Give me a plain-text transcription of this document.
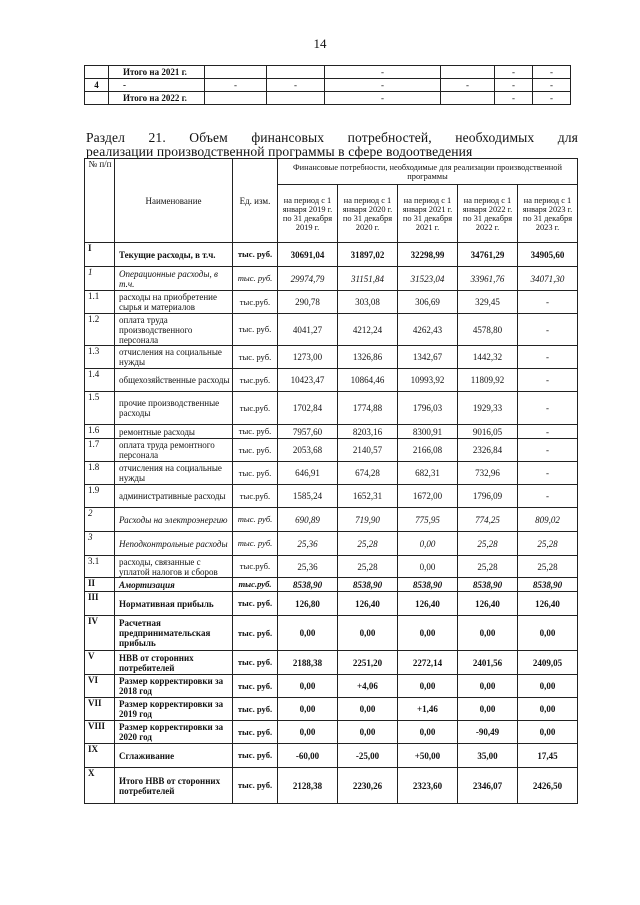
14
	Итого на 2021 г.			-		-	-
4	-	-	-	-	-	-	-
	Итого на 2022 г.			-		-	-
Раздел 21. Объем финансовых потребностей, необходимых для
реализации производственной программы в сфере водоотведения
№ п/п	Наименование	Ед. изм.	Финансовые потребности, необходимые для реализации производственной программы				
			на период с 1 января 2019 г. по 31 декабря 2019 г.	на период с 1 января 2020 г. по 31 декабря 2020 г.	на период с 1 января 2021 г. по 31 декабря 2021 г.	на период с 1 января 2022 г. по 31 декабря 2022 г.	на период с 1 января 2023 г. по 31 декабря 2023 г.
I	Текущие расходы, в т.ч.	тыс. руб.	30691,04	31897,02	32298,99	34761,29	34905,60
1	Операционные расходы, в т.ч.	тыс. руб.	29974,79	31151,84	31523,04	33961,76	34071,30
1.1	расходы на приобретение сырья и материалов	тыс.руб.	290,78	303,08	306,69	329,45	-
1.2	оплата труда производственного персонала	тыс. руб.	4041,27	4212,24	4262,43	4578,80	-
1.3	отчисления на социальные нужды	тыс. руб.	1273,00	1326,86	1342,67	1442,32	-
1.4	общехозяйственные расходы	тыс.руб.	10423,47	10864,46	10993,92	11809,92	-
1.5	прочие производственные расходы	тыс.руб.	1702,84	1774,88	1796,03	1929,33	-
1.6	ремонтные расходы	тыс. руб.	7957,60	8203,16	8300,91	9016,05	-
1.7	оплата труда ремонтного персонала	тыс. руб.	2053,68	2140,57	2166,08	2326,84	-
1.8	отчисления на социальные нужды	тыс. руб.	646,91	674,28	682,31	732,96	-
1.9	административные расходы	тыс.руб.	1585,24	1652,31	1672,00	1796,09	-
2	Расходы на электроэнергию	тыс. руб.	690,89	719,90	775,95	774,25	809,02
3	Неподконтрольные расходы	тыс. руб.	25,36	25,28	0,00	25,28	25,28
3.1	расходы, связанные с уплатой налогов и сборов	тыс.руб.	25,36	25,28	0,00	25,28	25,28
II	Амортизация	тыс.руб.	8538,90	8538,90	8538,90	8538,90	8538,90
III	Нормативная прибыль	тыс. руб.	126,80	126,40	126,40	126,40	126,40
IV	Расчетная предпринимательская прибыль	тыс. руб.	0,00	0,00	0,00	0,00	0,00
V	НВВ от сторонних потребителей	тыс. руб.	2188,38	2251,20	2272,14	2401,56	2409,05
VI	Размер корректировки за 2018 год	тыс. руб.	0,00	+4,06	0,00	0,00	0,00
VII	Размер корректировки за 2019 год	тыс. руб.	0,00	0,00	+1,46	0,00	0,00
VIII	Размер корректировки за 2020 год	тыс. руб.	0,00	0,00	0,00	-90,49	0,00
IX	Сглаживание	тыс. руб.	-60,00	-25,00	+50,00	35,00	17,45
X	Итого НВВ от сторонних потребителей	тыс. руб.	2128,38	2230,26	2323,60	2346,07	2426,50
